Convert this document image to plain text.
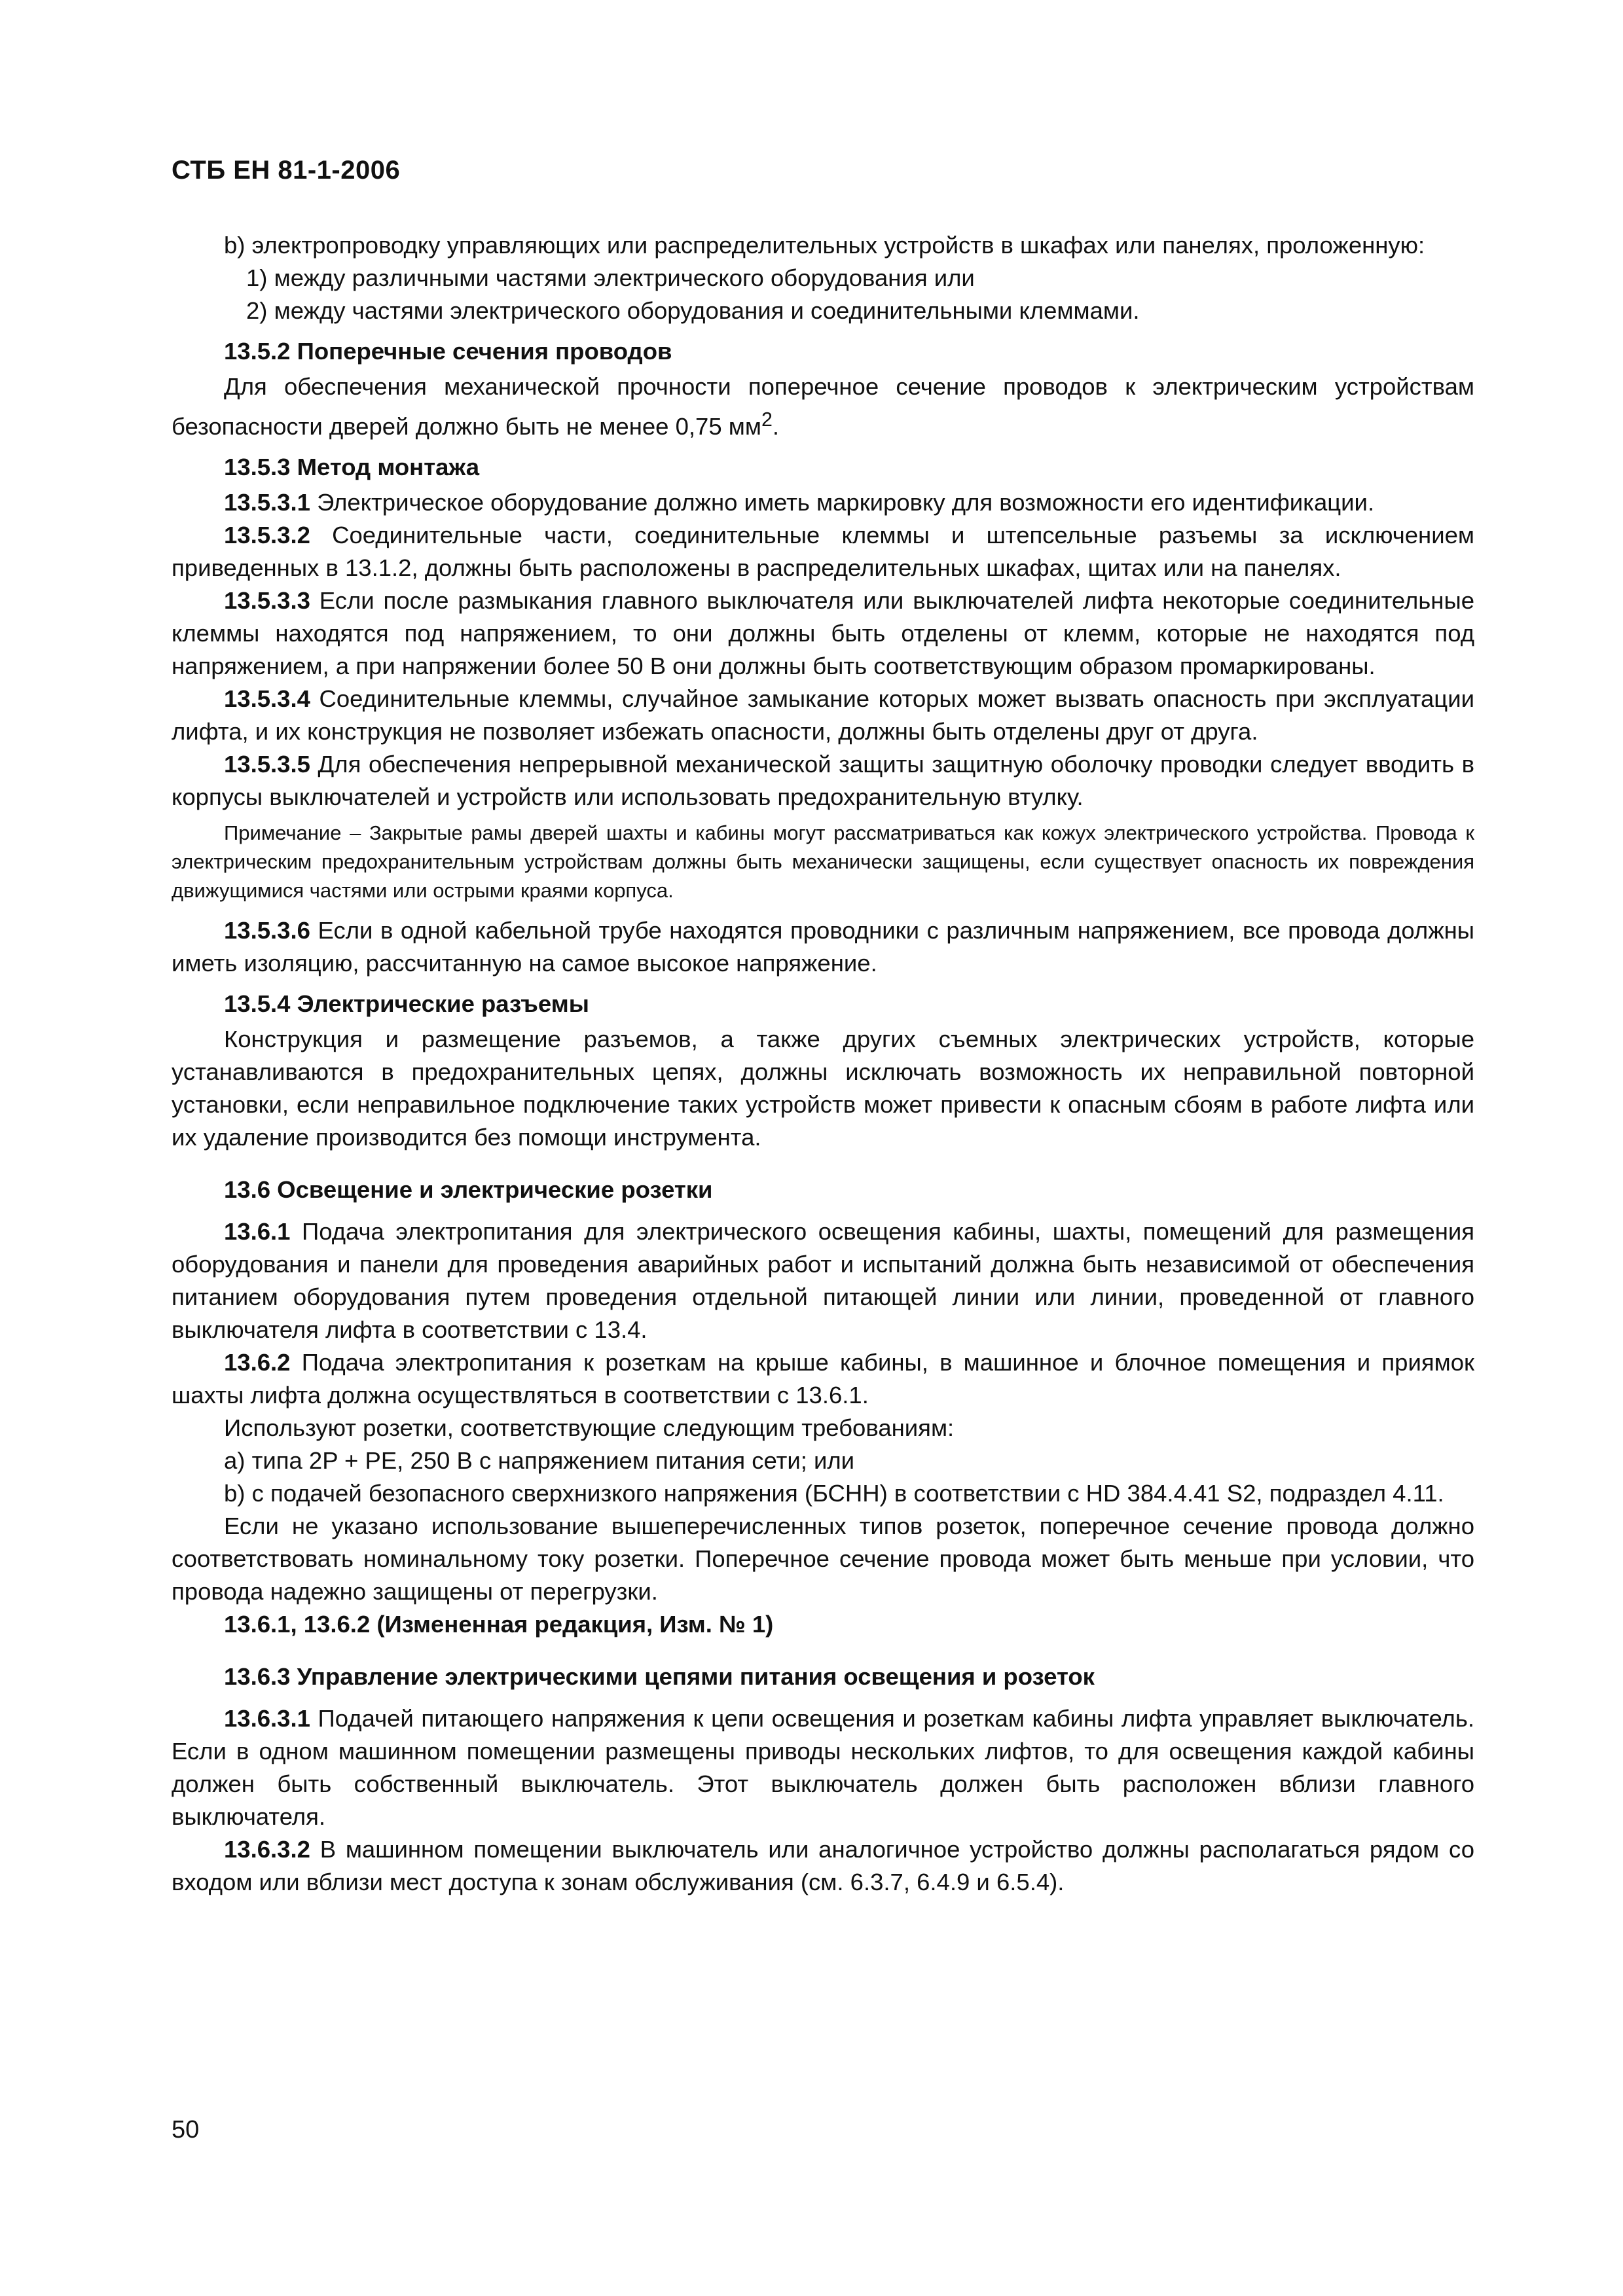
СТБ ЕН 81-1-2006

b) электропроводку управляющих или распределительных устройств в шкафах или панелях, проложенную:

1) между различными частями электрического оборудования или

2) между частями электрического оборудования и соединительными клеммами.

13.5.2 Поперечные сечения проводов

Для обеспечения механической прочности поперечное сечение проводов к электрическим устройствам безопасности дверей должно быть не менее 0,75 $мм^2$.

13.5.3 Метод монтажа

13.5.3.1 Электрическое оборудование должно иметь маркировку для возможности его идентификации.

13.5.3.2 Соединительные части, соединительные клеммы и штепсельные разъемы за исключением приведенных в 13.1.2, должны быть расположены в распределительных шкафах, щитах или на панелях.

13.5.3.3 Если после размыкания главного выключателя или выключателей лифта некоторые соединительные клеммы находятся под напряжением, то они должны быть отделены от клемм, которые не находятся под напряжением, а при напряжении более 50 В они должны быть соответствующим образом промаркированы.

13.5.3.4 Соединительные клеммы, случайное замыкание которых может вызвать опасность при эксплуатации лифта, и их конструкция не позволяет избежать опасности, должны быть отделены друг от друга.

13.5.3.5 Для обеспечения непрерывной механической защиты защитную оболочку проводки следует вводить в корпусы выключателей и устройств или использовать предохранительную втулку.

Примечание – Закрытые рамы дверей шахты и кабины могут рассматриваться как кожух электрического устройства. Провода к электрическим предохранительным устройствам должны быть механически защищены, если существует опасность их повреждения движущимися частями или острыми краями корпуса.

13.5.3.6 Если в одной кабельной трубе находятся проводники с различным напряжением, все провода должны иметь изоляцию, рассчитанную на самое высокое напряжение.

13.5.4 Электрические разъемы

Конструкция и размещение разъемов, а также других съемных электрических устройств, которые устанавливаются в предохранительных цепях, должны исключать возможность их неправильной повторной установки, если неправильное подключение таких устройств может привести к опасным сбоям в работе лифта или их удаление производится без помощи инструмента.

13.6 Освещение и электрические розетки

13.6.1 Подача электропитания для электрического освещения кабины, шахты, помещений для размещения оборудования и панели для проведения аварийных работ и испытаний должна быть независимой от обеспечения питанием оборудования путем проведения отдельной питающей линии или линии, проведенной от главного выключателя лифта в соответствии с 13.4.

13.6.2 Подача электропитания к розеткам на крыше кабины, в машинное и блочное помещения и приямок шахты лифта должна осуществляться в соответствии с 13.6.1.

Используют розетки, соответствующие следующим требованиям:

a) типа 2P + PE, 250 В с напряжением питания сети; или

b) с подачей безопасного сверхнизкого напряжения (БСНН) в соответствии с HD 384.4.41 S2, подраздел 4.11.

Если не указано использование вышеперечисленных типов розеток, поперечное сечение провода должно соответствовать номинальному току розетки. Поперечное сечение провода может быть меньше при условии, что провода надежно защищены от перегрузки.

13.6.1, 13.6.2 (Измененная редакция, Изм. № 1)

13.6.3 Управление электрическими цепями питания освещения и розеток

13.6.3.1 Подачей питающего напряжения к цепи освещения и розеткам кабины лифта управляет выключатель. Если в одном машинном помещении размещены приводы нескольких лифтов, то для освещения каждой кабины должен быть собственный выключатель. Этот выключатель должен быть расположен вблизи главного выключателя.

13.6.3.2 В машинном помещении выключатель или аналогичное устройство должны располагаться рядом со входом или вблизи мест доступа к зонам обслуживания (см. 6.3.7, 6.4.9 и 6.5.4).

50
